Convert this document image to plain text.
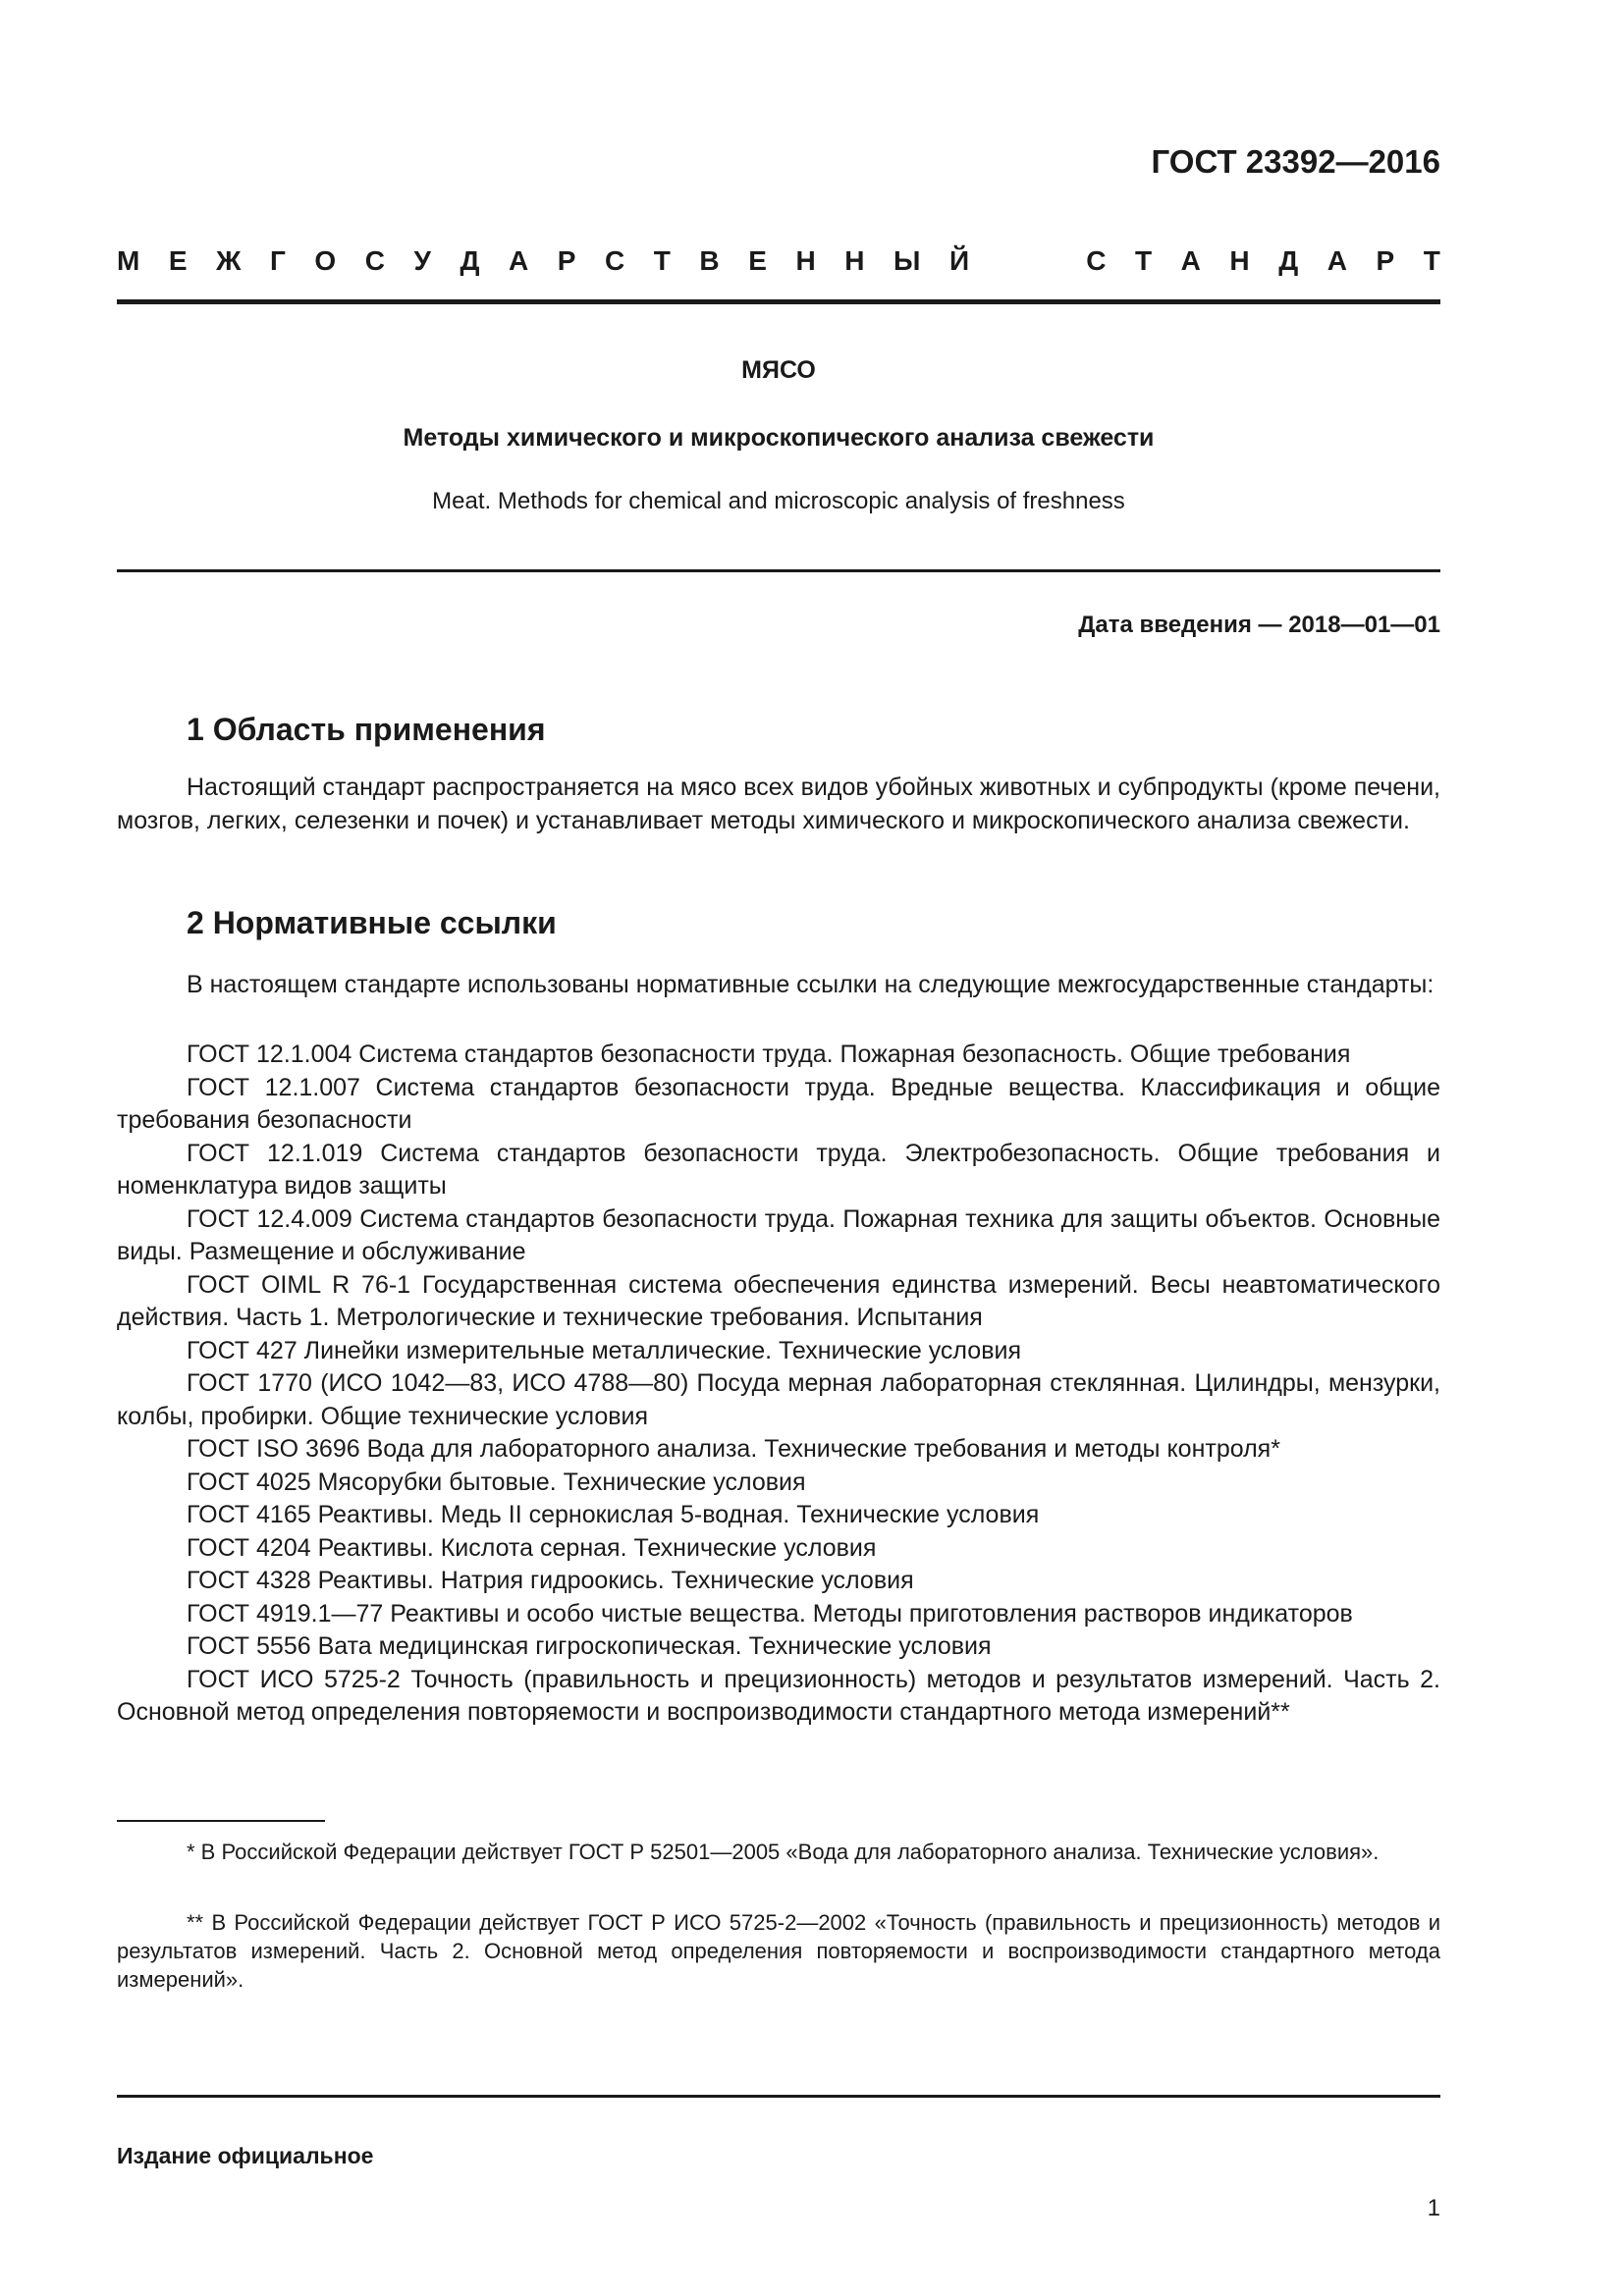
ГОСТ 23392—2016
М Е Ж Г О С У Д А Р С Т В Е Н Н Ы Й	С Т А Н Д А Р Т
МЯСО
Методы химического и микроскопического анализа свежести
Meat. Methods for chemical and microscopic analysis of freshness
Дата введения — 2018—01—01
1 Область применения

Настоящий стандарт распространяется на мясо всех видов убойных животных и субпродукты (кроме печени, мозгов, легких, селезенки и почек) и устанавливает методы химического и микроскопического анализа свежести.

2 Нормативные ссылки

В настоящем стандарте использованы нормативные ссылки на следующие межгосударственные стандарты:

ГОСТ 12.1.004 Система стандартов безопасности труда. Пожарная безопасность. Общие требования
ГОСТ 12.1.007 Система стандартов безопасности труда. Вредные вещества. Классификация и общие требования безопасности
ГОСТ 12.1.019 Система стандартов безопасности труда. Электробезопасность. Общие требования и номенклатура видов защиты
ГОСТ 12.4.009 Система стандартов безопасности труда. Пожарная техника для защиты объектов. Основные виды. Размещение и обслуживание
ГОСТ OIML R 76-1 Государственная система обеспечения единства измерений. Весы неавтоматического действия. Часть 1. Метрологические и технические требования. Испытания
ГОСТ 427 Линейки измерительные металлические. Технические условия
ГОСТ 1770 (ИСО 1042—83, ИСО 4788—80) Посуда мерная лабораторная стеклянная. Цилиндры, мензурки, колбы, пробирки. Общие технические условия
ГОСТ ISO 3696 Вода для лабораторного анализа. Технические требования и методы контроля*
ГОСТ 4025 Мясорубки бытовые. Технические условия
ГОСТ 4165 Реактивы. Медь II сернокислая 5-водная. Технические условия
ГОСТ 4204 Реактивы. Кислота серная. Технические условия
ГОСТ 4328 Реактивы. Натрия гидроокись. Технические условия
ГОСТ 4919.1—77 Реактивы и особо чистые вещества. Методы приготовления растворов индикаторов
ГОСТ 5556 Вата медицинская гигроскопическая. Технические условия
ГОСТ ИСО 5725-2 Точность (правильность и прецизионность) методов и результатов измерений. Часть 2. Основной метод определения повторяемости и воспроизводимости стандартного метода измерений**

* В Российской Федерации действует ГОСТ Р 52501—2005 «Вода для лабораторного анализа. Технические условия».

** В Российской Федерации действует ГОСТ Р ИСО 5725-2—2002 «Точность (правильность и прецизионность) методов и результатов измерений. Часть 2. Основной метод определения повторяемости и воспроизводимости стандартного метода измерений».

Издание официальное
1
